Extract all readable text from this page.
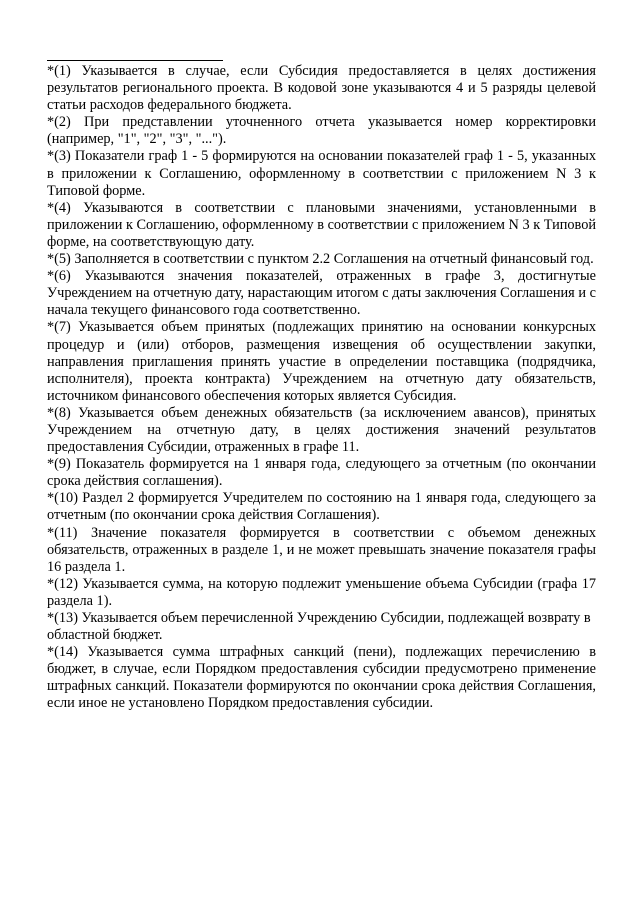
*(1) Указывается в случае, если Субсидия предоставляется в целях достижения результатов регионального проекта. В кодовой зоне указываются 4 и 5 разряды целевой статьи расходов федерального бюджета.

*(2) При представлении уточненного отчета указывается номер корректировки (например, "1", "2", "3", "...").

*(3) Показатели граф 1 - 5 формируются на основании показателей граф 1 - 5, указанных в приложении к Соглашению, оформленному в соответствии с приложением N 3 к Типовой форме.

*(4) Указываются в соответствии с плановыми значениями, установленными в приложении к Соглашению, оформленному в соответствии с приложением N 3 к Типовой форме, на соответствующую дату.

*(5) Заполняется в соответствии с пунктом 2.2 Соглашения на отчетный финансовый год.

*(6) Указываются значения показателей, отраженных в графе 3, достигнутые Учреждением на отчетную дату, нарастающим итогом с даты заключения Соглашения и с начала текущего финансового года соответственно.

*(7) Указывается объем принятых (подлежащих принятию на основании конкурсных процедур и (или) отборов, размещения извещения об осуществлении закупки, направления приглашения принять участие в определении поставщика (подрядчика, исполнителя), проекта контракта) Учреждением на отчетную дату обязательств, источником финансового обеспечения которых является Субсидия.

*(8) Указывается объем денежных обязательств (за исключением авансов), принятых Учреждением на отчетную дату, в целях достижения значений результатов предоставления Субсидии, отраженных в графе 11.

*(9) Показатель формируется на 1 января года, следующего за отчетным (по окончании срока действия соглашения).

*(10) Раздел 2 формируется Учредителем по состоянию на 1 января года, следующего за отчетным (по окончании срока действия Соглашения).

*(11) Значение показателя формируется в соответствии с объемом денежных обязательств, отраженных в разделе 1, и не может превышать значение показателя графы 16 раздела 1.

*(12) Указывается сумма, на которую подлежит уменьшение объема Субсидии (графа 17 раздела 1).

*(13) Указывается объем перечисленной Учреждению Субсидии, подлежащей возврату в областной бюджет.

*(14) Указывается сумма штрафных санкций (пени), подлежащих перечислению в бюджет, в случае, если Порядком предоставления субсидии предусмотрено применение штрафных санкций. Показатели формируются по окончании срока действия Соглашения, если иное не установлено Порядком предоставления субсидии.
